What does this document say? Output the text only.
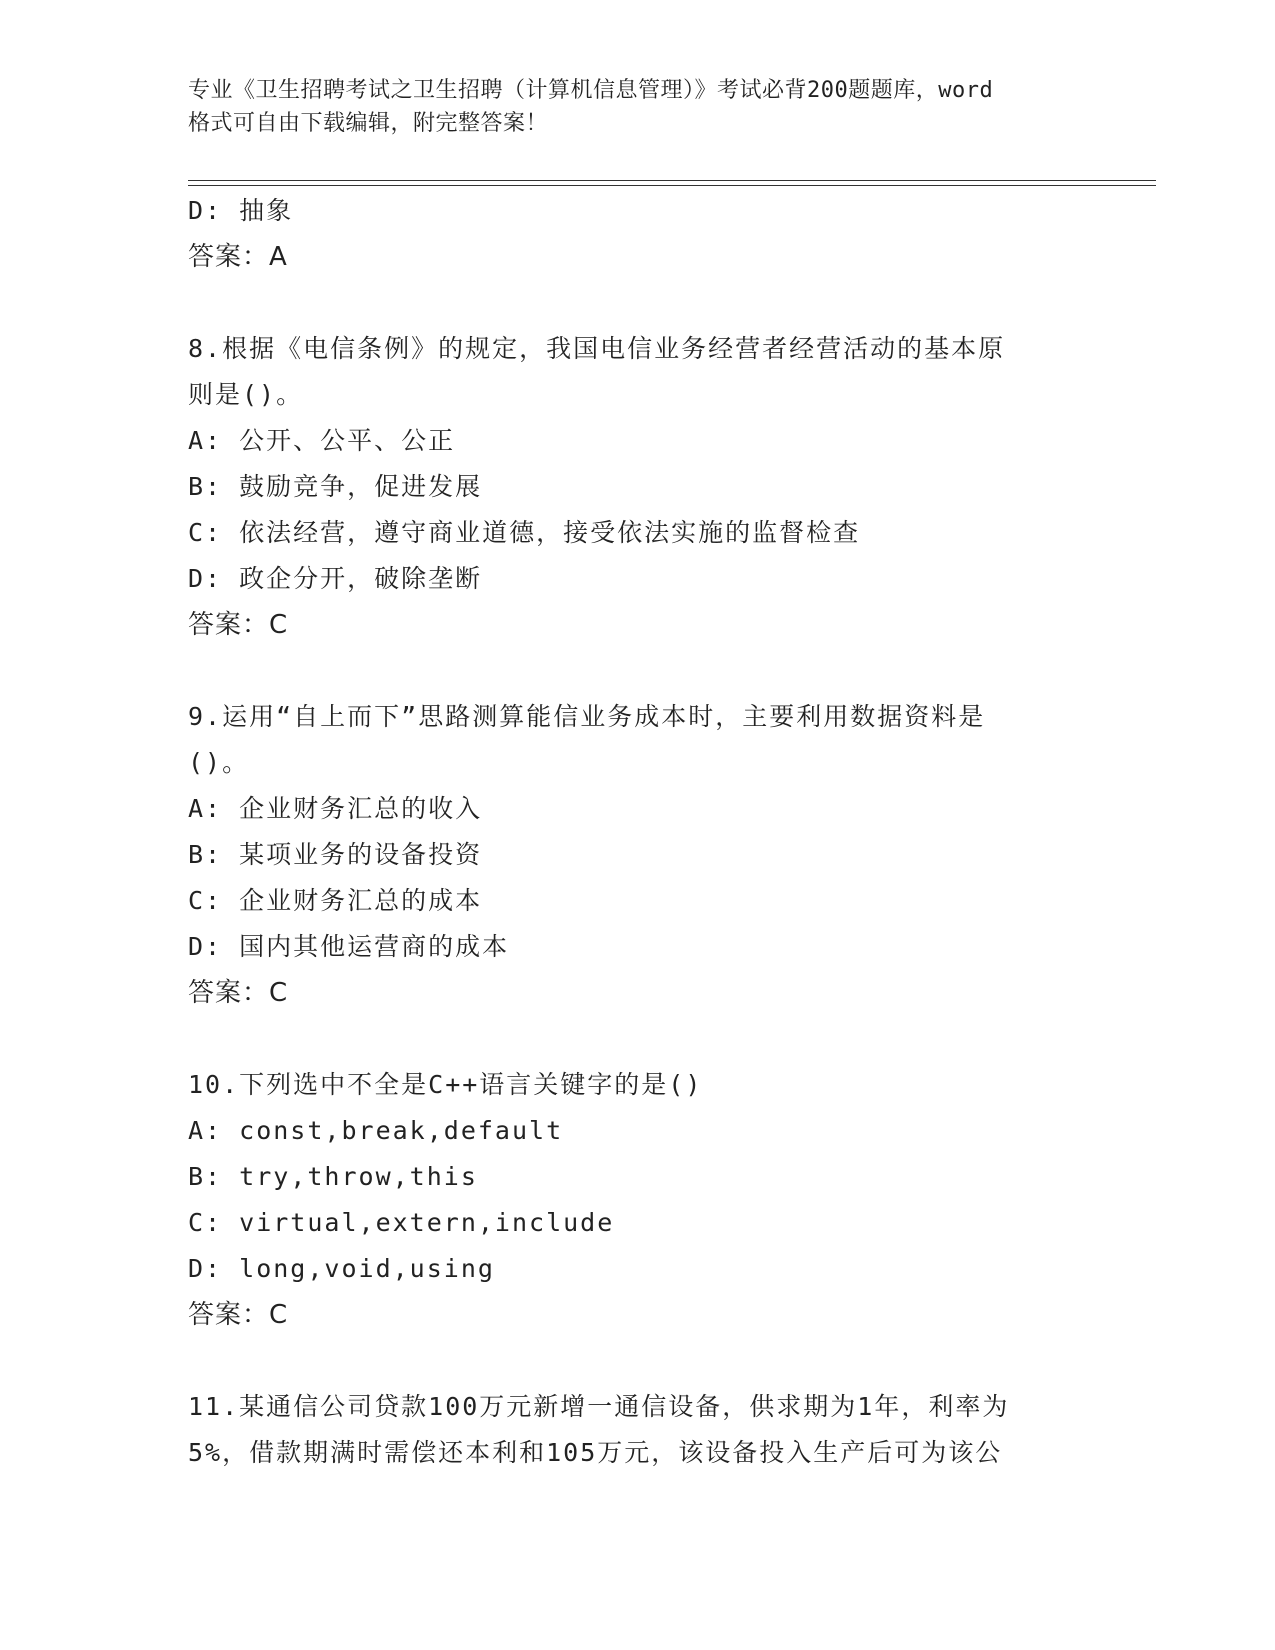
专业《卫生招聘考试之卫生招聘（计算机信息管理）》考试必背200题题库，word
格式可自由下载编辑，附完整答案！
D: 抽象
答案：A
8.根据《电信条例》的规定，我国电信业务经营者经营活动的基本原
则是()。
A: 公开、公平、公正
B: 鼓励竞争，促进发展
C: 依法经营，遵守商业道德，接受依法实施的监督检查
D: 政企分开，破除垄断
答案：C
9.运用“自上而下”思路测算能信业务成本时，主要利用数据资料是
()。
A: 企业财务汇总的收入
B: 某项业务的设备投资
C: 企业财务汇总的成本
D: 国内其他运营商的成本
答案：C
10.下列选中不全是C++语言关键字的是()
A: const,break,default
B: try,throw,this
C: virtual,extern,include
D: long,void,using
答案：C
11.某通信公司贷款100万元新增一通信设备，供求期为1年，利率为
5%，借款期满时需偿还本利和105万元，该设备投入生产后可为该公
